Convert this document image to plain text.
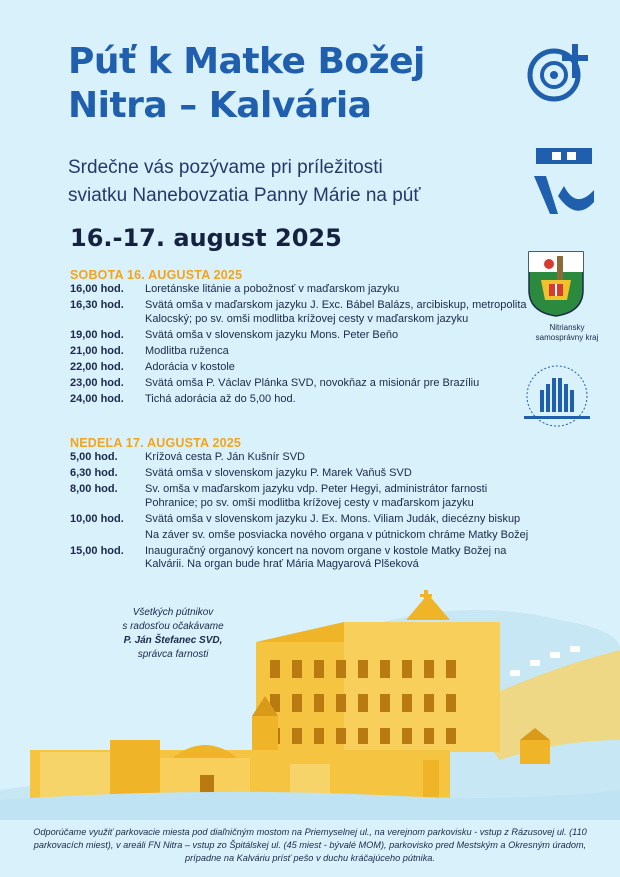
Púť k Matke Božej
Nitra – Kalvária
Srdečne vás pozývame pri príležitosti
sviatku Nanebovzatia Panny Márie na púť
16.-17. august 2025
Nitriansky samosprávny kraj
SOBOTA 16. AUGUSTA 2025
16,00 hod.	Loretánske litánie a pobožnosť v maďarskom jazyku
16,30 hod.	Svätá omša v maďarskom jazyku J. Exc. Bábel Balázs, arcibiskup, metropolita Kalocský; po sv. omši modlitba krížovej cesty v maďarskom jazyku
19,00 hod.	Svätá omša v slovenskom jazyku Mons. Peter Beňo
21,00 hod.	Modlitba ruženca
22,00 hod.	Adorácia v kostole
23,00 hod.	Svätá omša P. Václav Plánka SVD, novokňaz a misionár pre Brazíliu
24,00 hod.	Tichá adorácia až do 5,00 hod.
NEDEĽA 17. AUGUSTA 2025
5,00 hod.	Krížová cesta P. Ján Kušnír SVD
6,30 hod.	Svätá omša v slovenskom jazyku P. Marek Vaňuš SVD
8,00 hod.	Sv. omša v maďarskom jazyku vdp. Peter Hegyi, administrátor farnosti Pohranice; po sv. omši modlitba krížovej cesty v maďarskom jazyku
10,00 hod.	Svätá omša v slovenskom jazyku J. Ex. Mons. Viliam Judák, diecézny biskup
Na záver sv. omše posviacka nového organa v pútnickom chráme Matky Božej
15,00 hod.	Inauguračný organový koncert na novom organe v kostole Matky Božej na Kalvárii. Na organ bude hrať Mária Magyarová Plšeková
Všetkých pútnikov
s radosťou očakávame
P. Ján Štefanec SVD,
správca farnosti
Odporúčame využiť parkovacie miesta pod diaľničným mostom na Priemyselnej ul., na verejnom parkovisku - vstup z Rázusovej ul. (110 parkovacích miest), v areáli FN Nitra – vstup zo Špitálskej ul. (45 miest - bývalé MOM), parkovisko pred Mestským a Okresným úradom, prípadne na Kalváriu prísť pešo v duchu kráčajúceho pútnika.
